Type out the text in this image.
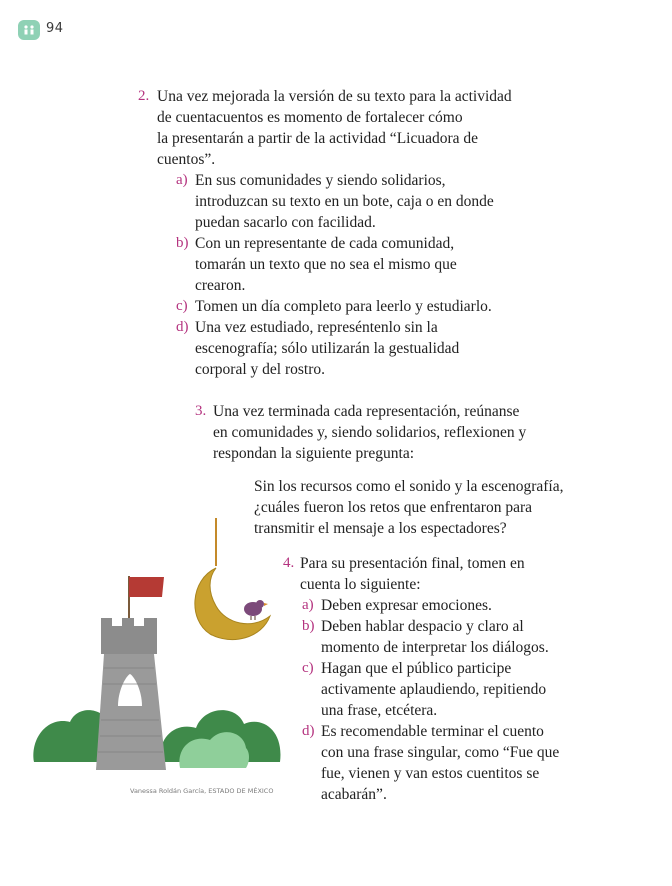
94
2. Una vez mejorada la versión de su texto para la actividad
de cuentacuentos es momento de fortalecer cómo
la presentarán a partir de la actividad “Licuadora de
cuentos”.
a) En sus comunidades y siendo solidarios,
introduzcan su texto en un bote, caja o en donde
puedan sacarlo con facilidad.
b) Con un representante de cada comunidad,
tomarán un texto que no sea el mismo que
crearon.
c) Tomen un día completo para leerlo y estudiarlo.
d) Una vez estudiado, represéntenlo sin la
escenografía; sólo utilizarán la gestualidad
corporal y del rostro.
3. Una vez terminada cada representación, reúnanse
en comunidades y, siendo solidarios, reflexionen y
respondan la siguiente pregunta:
Sin los recursos como el sonido y la escenografía,
¿cuáles fueron los retos que enfrentaron para
transmitir el mensaje a los espectadores?
4. Para su presentación final, tomen en
cuenta lo siguiente:
a) Deben expresar emociones.
b) Deben hablar despacio y claro al
momento de interpretar los diálogos.
c) Hagan que el público participe
activamente aplaudiendo, repitiendo
una frase, etcétera.
d) Es recomendable terminar el cuento
con una frase singular, como “Fue que
fue, vienen y van estos cuentitos se
acabarán”.
Vanessa Roldán García, ESTADO DE MÉXICO
